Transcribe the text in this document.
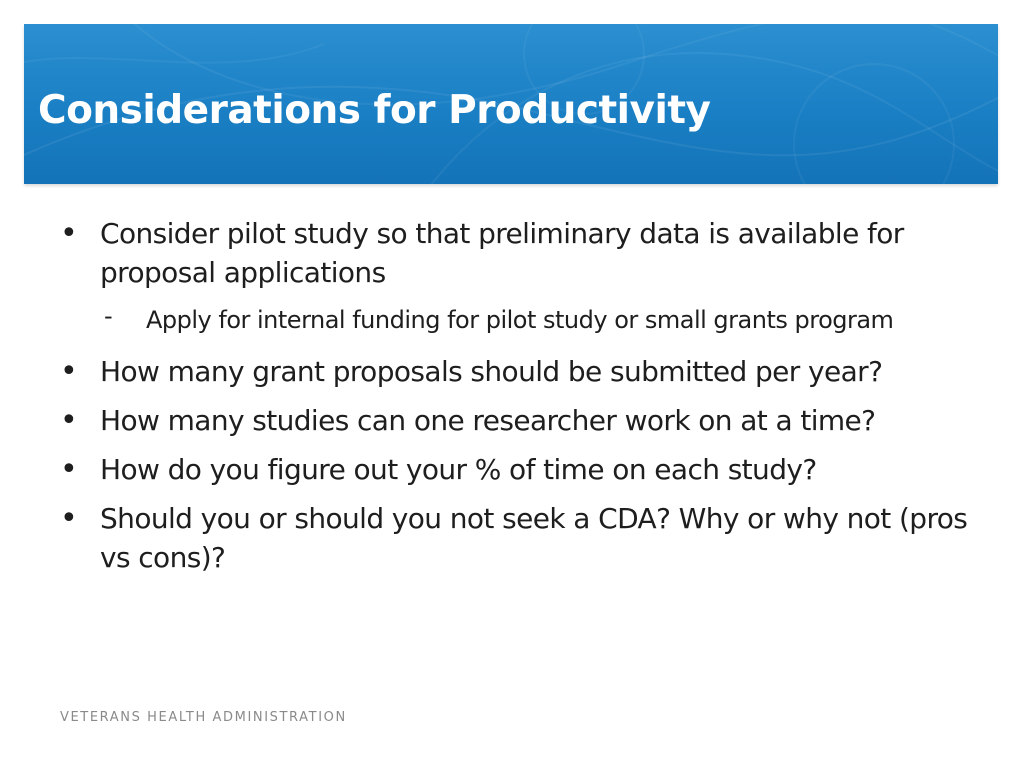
Considerations for Productivity
• Consider pilot study so that preliminary data is available for proposal applications
- Apply for internal funding for pilot study or small grants program
• How many grant proposals should be submitted per year?
• How many studies can one researcher work on at a time?
• How do you figure out your % of time on each study?
• Should you or should you not seek a CDA? Why or why not (pros vs cons)?
VETERANS HEALTH ADMINISTRATION
